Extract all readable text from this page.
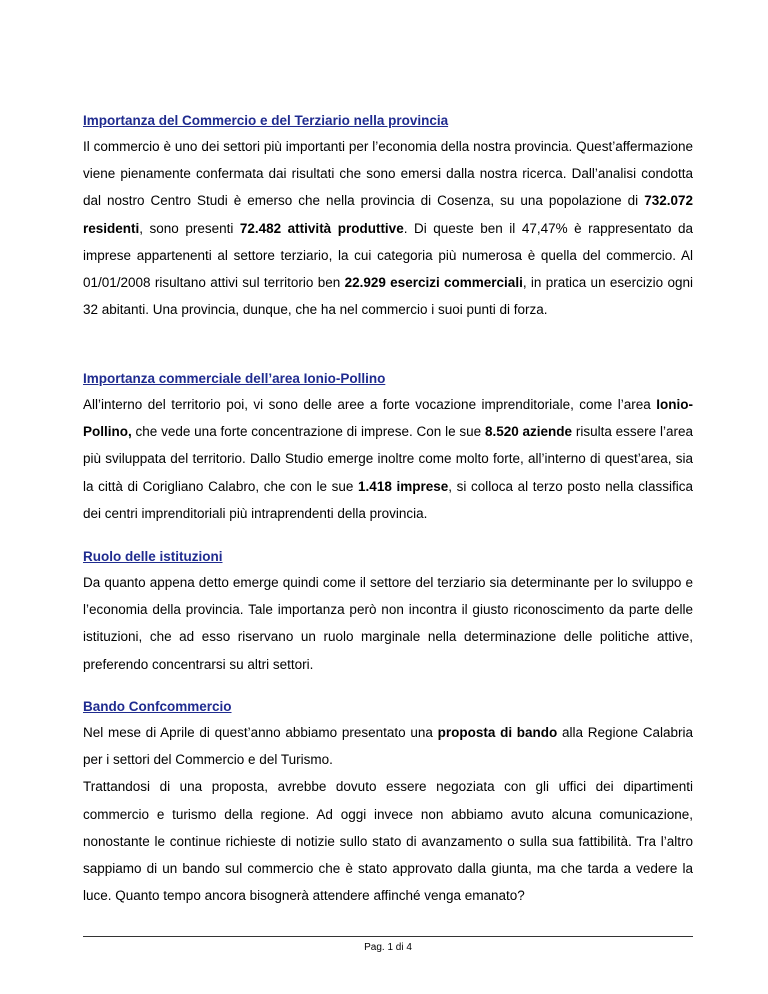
Importanza del Commercio e del Terziario nella provincia

Il commercio è uno dei settori più importanti per l’economia della nostra provincia. Quest’affermazione viene pienamente confermata dai risultati che sono emersi dalla nostra ricerca. Dall’analisi condotta dal nostro Centro Studi è emerso che nella provincia di Cosenza, su una popolazione di 732.072 residenti, sono presenti 72.482 attività produttive. Di queste ben il 47,47% è rappresentato da imprese appartenenti al settore terziario, la cui categoria più numerosa è quella del commercio. Al 01/01/2008 risultano attivi sul territorio ben 22.929 esercizi commerciali, in pratica un esercizio ogni 32 abitanti. Una provincia, dunque, che ha nel commercio i suoi punti di forza.

Importanza commerciale dell’area Ionio-Pollino

All’interno del territorio poi, vi sono delle aree a forte vocazione imprenditoriale, come l’area Ionio-Pollino, che vede una forte concentrazione di imprese. Con le sue 8.520 aziende risulta essere l’area più sviluppata del territorio. Dallo Studio emerge inoltre come molto forte, all’interno di quest’area, sia la città di Corigliano Calabro, che con le sue 1.418 imprese, si colloca al terzo posto nella classifica dei centri imprenditoriali più intraprendenti della provincia.

Ruolo delle istituzioni

Da quanto appena detto emerge quindi come il settore del terziario sia determinante per lo sviluppo e l’economia della provincia. Tale importanza però non incontra il giusto riconoscimento da parte delle istituzioni, che ad esso riservano un ruolo marginale nella determinazione delle politiche attive, preferendo concentrarsi su altri settori.

Bando Confcommercio

Nel mese di Aprile di quest’anno abbiamo presentato una proposta di bando alla Regione Calabria per i settori del Commercio e del Turismo.

Trattandosi di una proposta, avrebbe dovuto essere negoziata con gli uffici dei dipartimenti commercio e turismo della regione. Ad oggi invece non abbiamo avuto alcuna comunicazione, nonostante le continue richieste di notizie sullo stato di avanzamento o sulla sua fattibilità. Tra l’altro sappiamo di un bando sul commercio che è stato approvato dalla giunta, ma che tarda a vedere la luce. Quanto tempo ancora bisognerà attendere affinché venga emanato?

Pag. 1 di 4
